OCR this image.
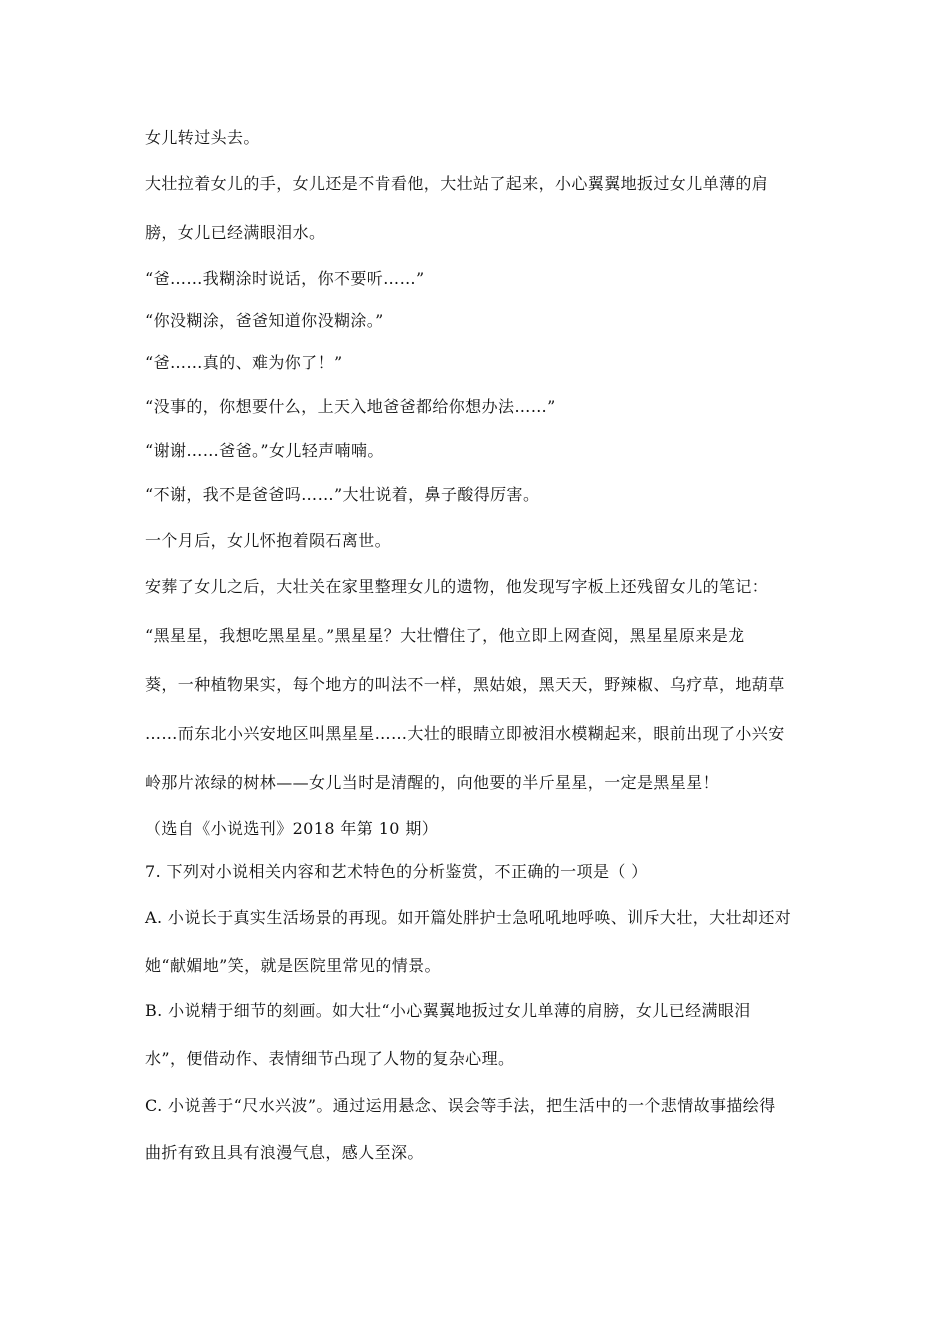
女儿转过头去。
大壮拉着女儿的手，女儿还是不肯看他，大壮站了起来，小心翼翼地扳过女儿单薄的肩
膀，女儿已经满眼泪水。
“爸……我糊涂时说话，你不要听……”
“你没糊涂，爸爸知道你没糊涂。”
“爸……真的、难为你了！”
“没事的，你想要什么，上天入地爸爸都给你想办法……”
“谢谢……爸爸。”女儿轻声喃喃。
“不谢，我不是爸爸吗……”大壮说着，鼻子酸得厉害。
一个月后，女儿怀抱着陨石离世。
安葬了女儿之后，大壮关在家里整理女儿的遗物，他发现写字板上还残留女儿的笔记：
“黑星星，我想吃黑星星。”黑星星？大壮懵住了，他立即上网查阅，黑星星原来是龙
葵，一种植物果实，每个地方的叫法不一样，黑姑娘，黑天天，野辣椒、乌疗草，地葫草
……而东北小兴安地区叫黑星星……大壮的眼睛立即被泪水模糊起来，眼前出现了小兴安
岭那片浓绿的树林——女儿当时是清醒的，向他要的半斤星星，一定是黑星星！
（选自《小说选刊》2018 年第 10 期）
7. 下列对小说相关内容和艺术特色的分析鉴赏，不正确的一项是（ ）
A. 小说长于真实生活场景的再现。如开篇处胖护士急吼吼地呼唤、训斥大壮，大壮却还对
她“献媚地”笑，就是医院里常见的情景。
B. 小说精于细节的刻画。如大壮“小心翼翼地扳过女儿单薄的肩膀，女儿已经满眼泪
水”，便借动作、表情细节凸现了人物的复杂心理。
C. 小说善于“尺水兴波”。通过运用悬念、误会等手法，把生活中的一个悲情故事描绘得
曲折有致且具有浪漫气息，感人至深。
